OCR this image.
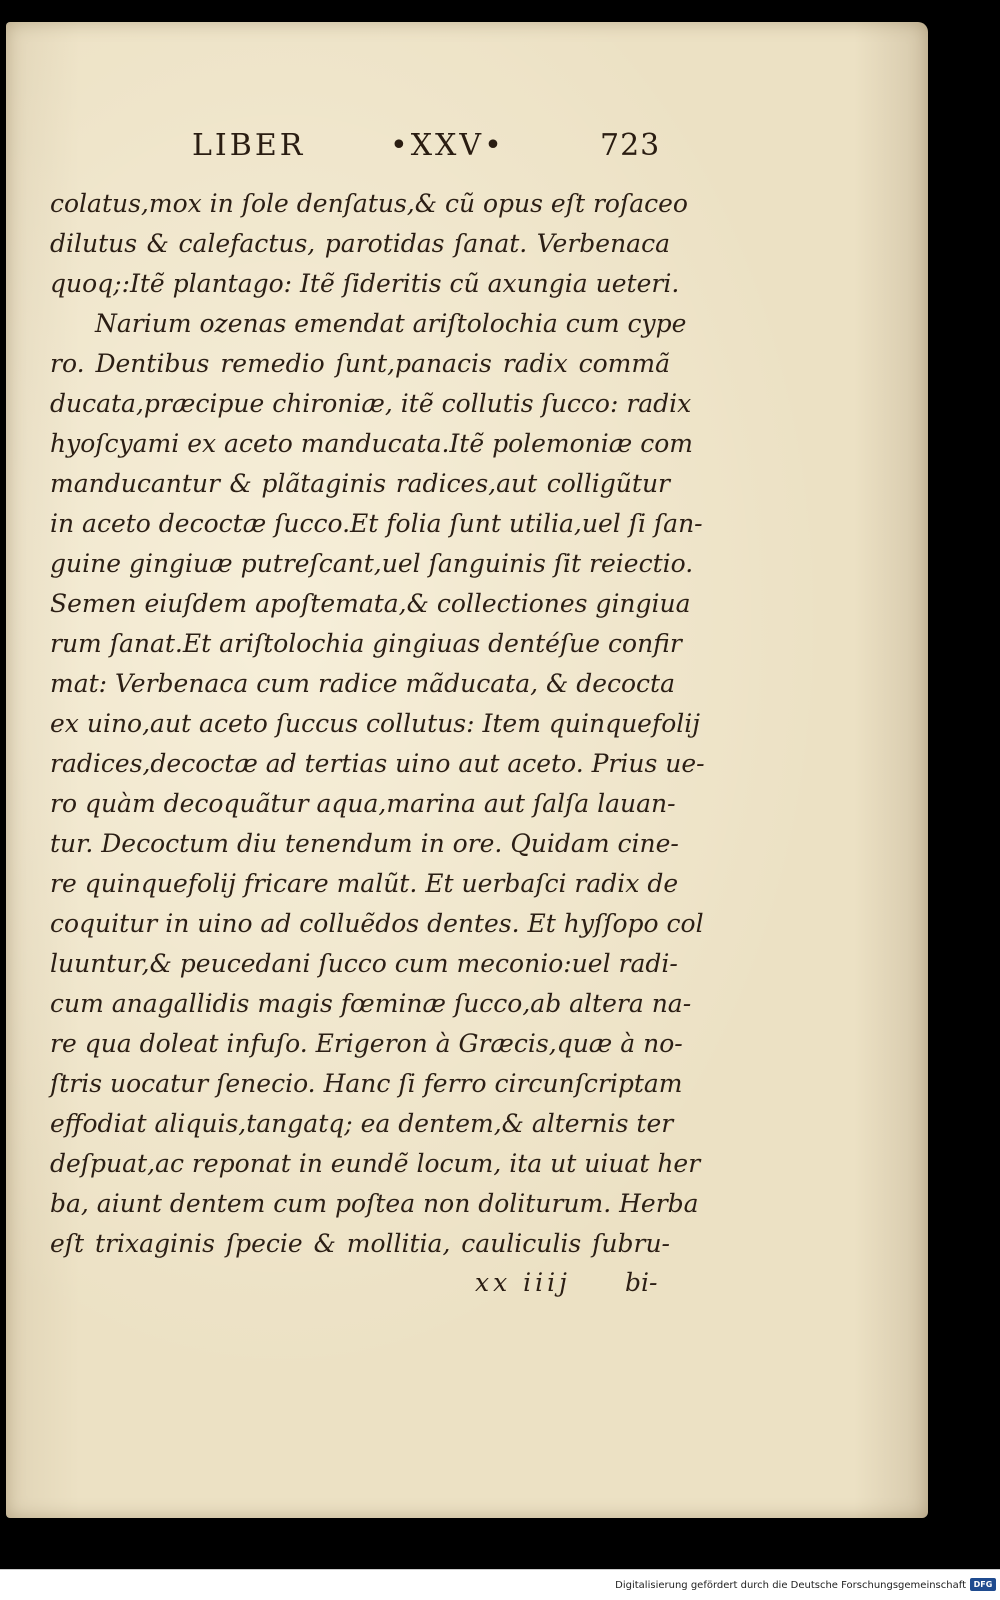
LIBER	•XXV•	723
colatus,mox in ſole denſatus,& cũ opus eſt roſaceo
dilutus & calefactus, parotidas ſanat. Verbenaca
quoq;:Itẽ plantago: Itẽ ſideritis cũ axungia ueteri.
Narium ozenas emendat ariſtolochia cum cype
ro. Dentibus remedio ſunt,panacis radix commã
ducata,præcipue chironiæ, itẽ collutis ſucco: radix
hyoſcyami ex aceto manducata.Itẽ polemoniæ com
manducantur & plãtaginis radices,aut colligũtur
in aceto decoctæ ſucco.Et folia ſunt utilia,uel ſi ſan-
guine gingiuæ putreſcant,uel ſanguinis ſit reiectio.
Semen eiuſdem apoſtemata,& collectiones gingiua
rum ſanat.Et ariſtolochia gingiuas dentéſue confir
mat: Verbenaca cum radice mãducata, & decocta
ex uino,aut aceto ſuccus collutus: Item quinquefolij
radices,decoctæ ad tertias uino aut aceto. Prius ue-
ro quàm decoquãtur aqua,marina aut ſalſa lauan-
tur. Decoctum diu tenendum in ore. Quidam cine-
re quinquefolij fricare malũt. Et uerbaſci radix de
coquitur in uino ad colluẽdos dentes. Et hyſſopo col
luuntur,& peucedani ſucco cum meconio:uel radi-
cum anagallidis magis fœminæ ſucco,ab altera na-
re qua doleat infuſo. Erigeron à Græcis,quæ à no-
ſtris uocatur ſenecio. Hanc ſi ferro circunſcriptam
effodiat aliquis,tangatq; ea dentem,& alternis ter
deſpuat,ac reponat in eundẽ locum, ita ut uiuat her
ba, aiunt dentem cum poſtea non doliturum. Herba
eſt trixaginis ſpecie & mollitia, cauliculis ſubru-
xx iiij bi-
Digitalisierung gefördert durch die Deutsche Forschungsgemeinschaft DFG
